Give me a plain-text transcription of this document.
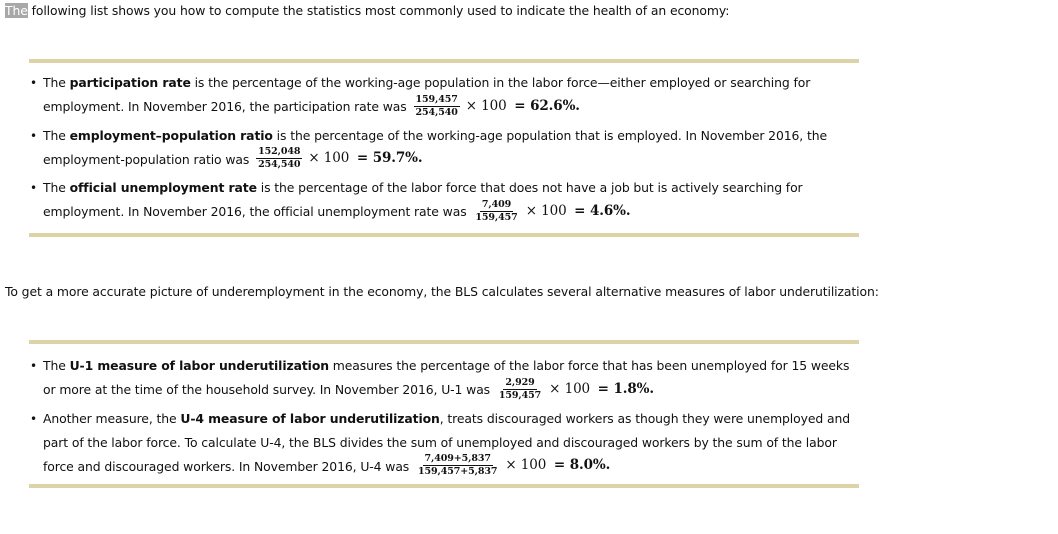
The following list shows you how to compute the statistics most commonly used to indicate the health of an economy:

• The participation rate is the percentage of the working-age population in the labor force—either employed or searching for employment. In November 2016, the participation rate was $\frac{159,457}{254,540} \times 100 = 62.6\%$.
• The employment–population ratio is the percentage of the working-age population that is employed. In November 2016, the employment-population ratio was $\frac{152,048}{254,540} \times 100 = 59.7\%$.
• The official unemployment rate is the percentage of the labor force that does not have a job but is actively searching for employment. In November 2016, the official unemployment rate was $\frac{7,409}{159,457} \times 100 = 4.6\%$.

To get a more accurate picture of underemployment in the economy, the BLS calculates several alternative measures of labor underutilization:

• The U-1 measure of labor underutilization measures the percentage of the labor force that has been unemployed for 15 weeks or more at the time of the household survey. In November 2016, U-1 was $\frac{2,929}{159,457} \times 100 = 1.8\%$.
• Another measure, the U-4 measure of labor underutilization, treats discouraged workers as though they were unemployed and part of the labor force. To calculate U-4, the BLS divides the sum of unemployed and discouraged workers by the sum of the labor force and discouraged workers. In November 2016, U-4 was $\frac{7,409+5,837}{159,457+5,837} \times 100 = 8.0\%$.
